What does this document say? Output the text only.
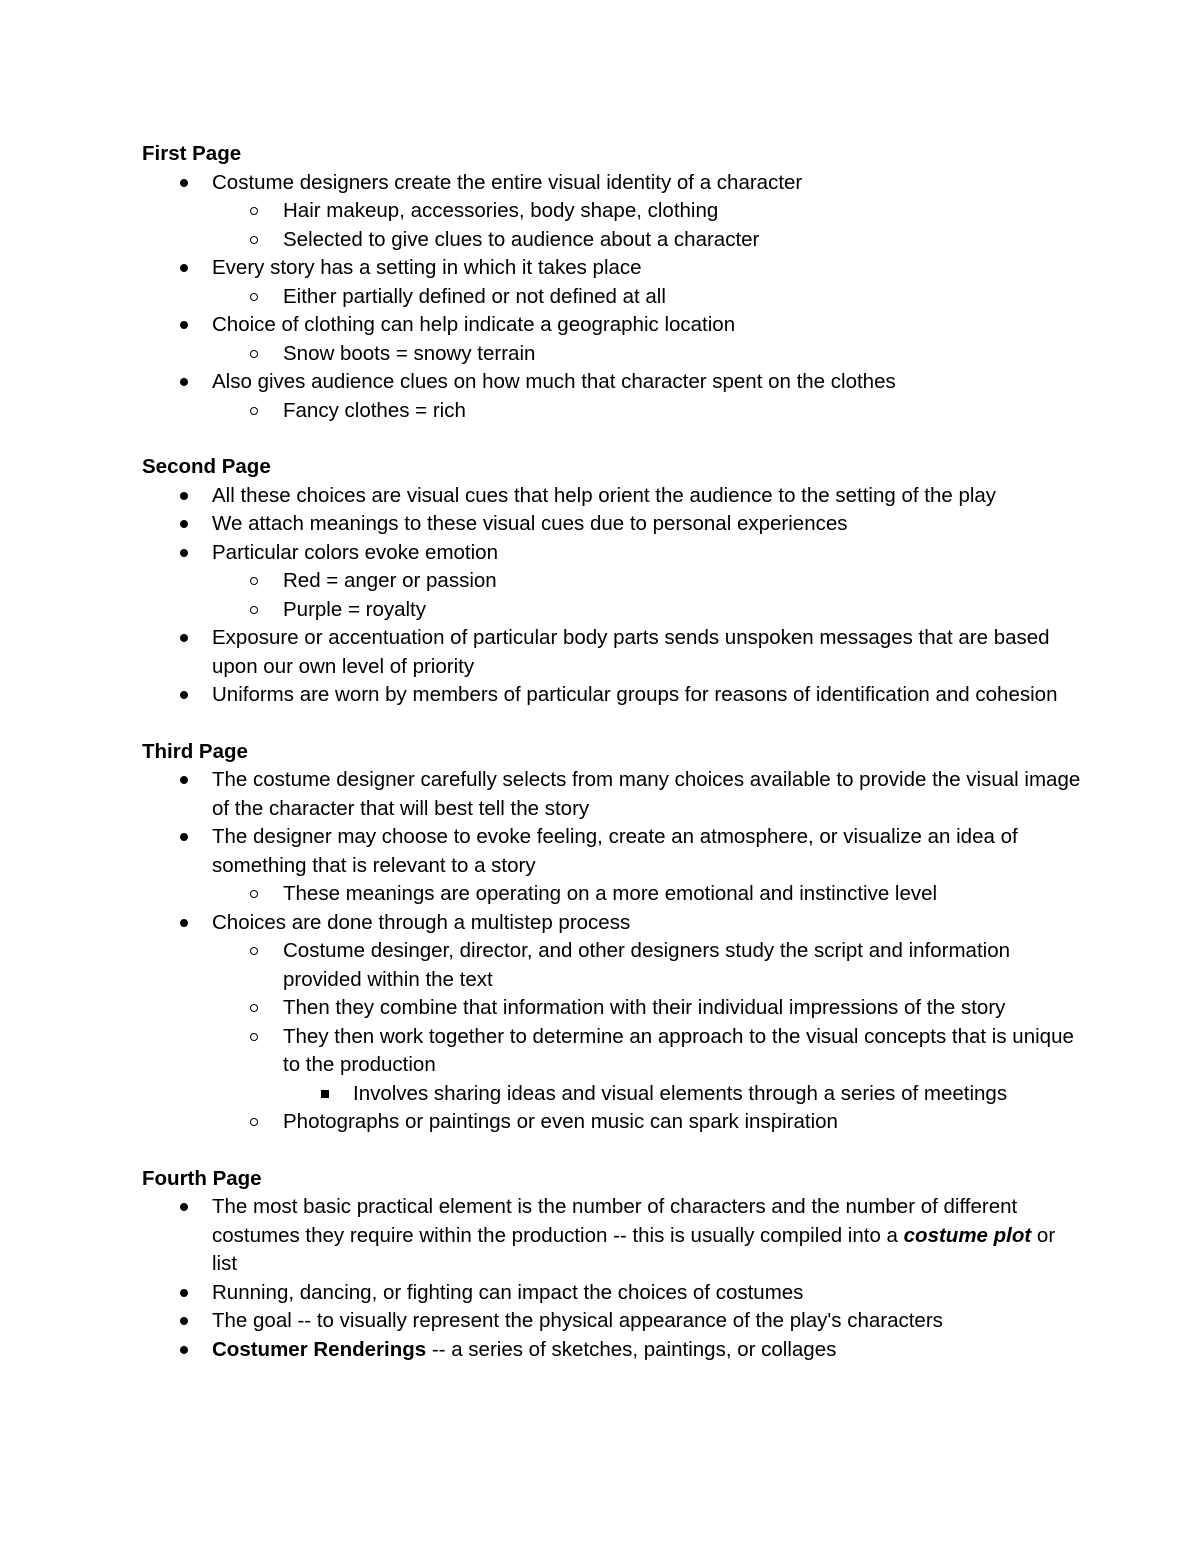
First Page
Costume designers create the entire visual identity of a character
Hair makeup, accessories, body shape, clothing
Selected to give clues to audience about a character
Every story has a setting in which it takes place
Either partially defined or not defined at all
Choice of clothing can help indicate a geographic location
Snow boots = snowy terrain
Also gives audience clues on how much that character spent on the clothes
Fancy clothes = rich
Second Page
All these choices are visual cues that help orient the audience to the setting of the play
We attach meanings to these visual cues due to personal experiences
Particular colors evoke emotion
Red = anger or passion
Purple = royalty
Exposure or accentuation of particular body parts sends unspoken messages that are based upon our own level of priority
Uniforms are worn by members of particular groups for reasons of identification and cohesion
Third Page
The costume designer carefully selects from many choices available to provide the visual image of the character that will best tell the story
The designer may choose to evoke feeling, create an atmosphere, or visualize an idea of something that is relevant to a story
These meanings are operating on a more emotional and instinctive level
Choices are done through a multistep process
Costume desinger, director, and other designers study the script and information provided within the text
Then they combine that information with their individual impressions of the story
They then work together to determine an approach to the visual concepts that is unique to the production
Involves sharing ideas and visual elements through a series of meetings
Photographs or paintings or even music can spark inspiration
Fourth Page
The most basic practical element is the number of characters and the number of different costumes they require within the production -- this is usually compiled into a costume plot or list
Running, dancing, or fighting can impact the choices of costumes
The goal -- to visually represent the physical appearance of the play's characters
Costumer Renderings -- a series of sketches, paintings, or collages
